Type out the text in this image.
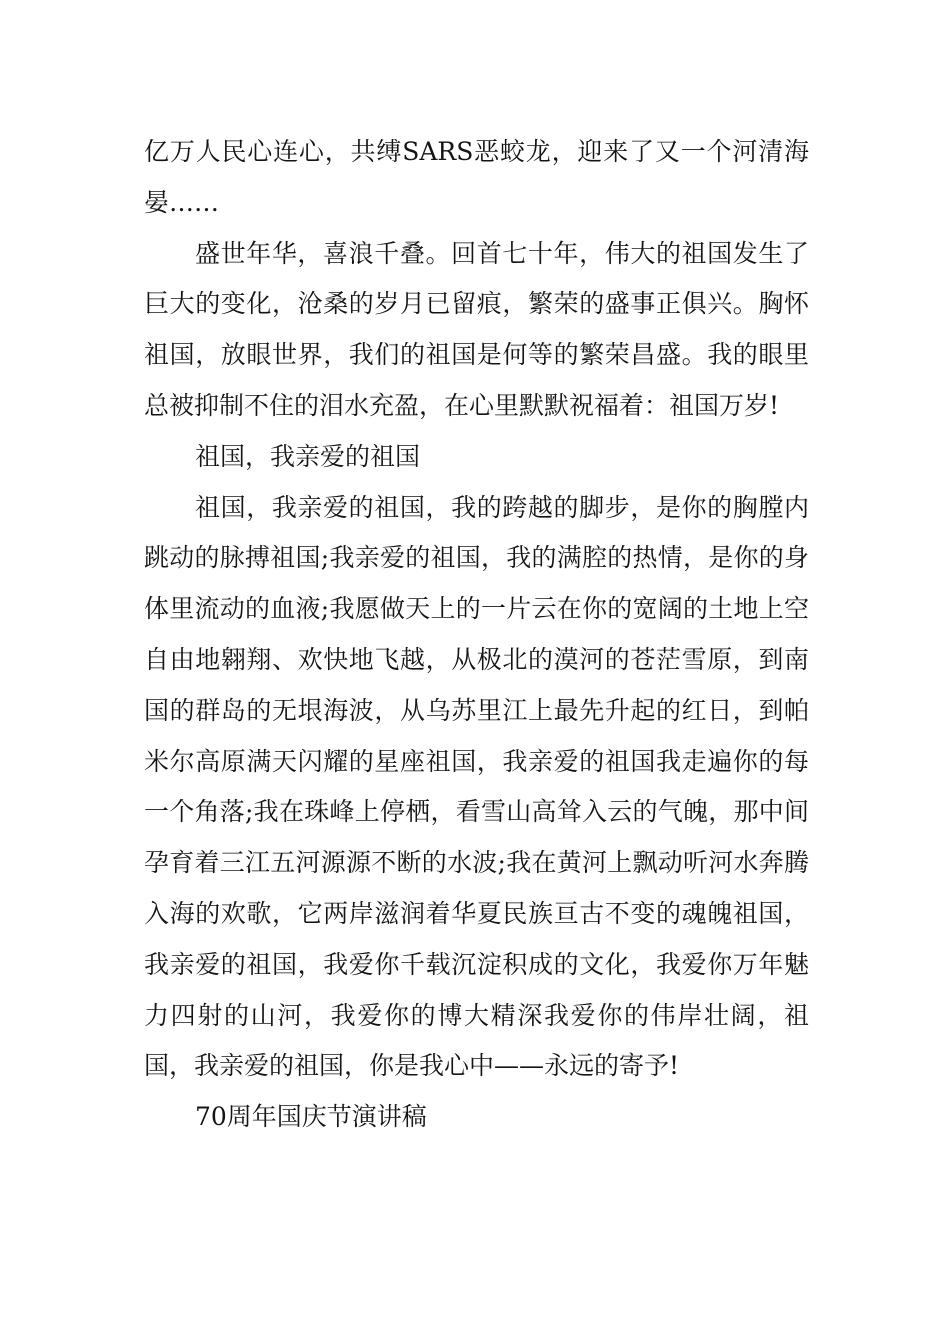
亿万人民心连心，共缚SARS恶蛟龙，迎来了又一个河清海晏……

盛世年华，喜浪千叠。回首七十年，伟大的祖国发生了巨大的变化，沧桑的岁月已留痕，繁荣的盛事正俱兴。胸怀祖国，放眼世界，我们的祖国是何等的繁荣昌盛。我的眼里总被抑制不住的泪水充盈，在心里默默祝福着：祖国万岁!

祖国，我亲爱的祖国

祖国，我亲爱的祖国，我的跨越的脚步，是你的胸膛内跳动的脉搏祖国;我亲爱的祖国，我的满腔的热情，是你的身体里流动的血液;我愿做天上的一片云在你的宽阔的土地上空自由地翱翔、欢快地飞越，从极北的漠河的苍茫雪原，到南国的群岛的无垠海波，从乌苏里江上最先升起的红日，到帕米尔高原满天闪耀的星座祖国，我亲爱的祖国我走遍你的每一个角落;我在珠峰上停栖，看雪山高耸入云的气魄，那中间孕育着三江五河源源不断的水波;我在黄河上飘动听河水奔腾入海的欢歌，它两岸滋润着华夏民族亘古不变的魂魄祖国，我亲爱的祖国，我爱你千载沉淀积成的文化，我爱你万年魅力四射的山河，我爱你的博大精深我爱你的伟岸壮阔，祖国，我亲爱的祖国，你是我心中——永远的寄予!

70周年国庆节演讲稿
